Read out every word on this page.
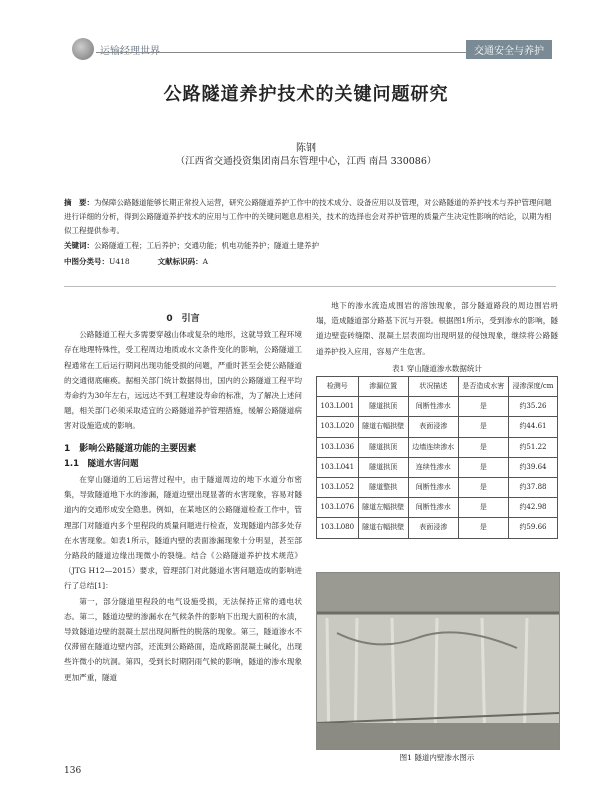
运输经理世界	交通安全与养护
公路隧道养护技术的关键问题研究
陈钢
（江西省交通投资集团南昌东管理中心，江西 南昌 330086）
摘　要：为保障公路隧道能够长期正常投入运营，研究公路隧道养护工作中的技术成分、设备应用以及管理，对公路隧道的养护技术与养护管理问题进行详细的分析，得到公路隧道养护技术的应用与工作中的关键问题息息相关，技术的选择也会对养护管理的质量产生决定性影响的结论，以期为相似工程提供参考。
关键词：公路隧道工程；工后养护；交通功能；机电功能养护；隧道土建养护
中图分类号：U418	文献标识码：A
0　引言

公路隧道工程大多需要穿越山体或复杂的地形，这就导致工程环境存在地理特殊性，受工程周边地质或水文条件变化的影响，公路隧道工程通常在工后运行期间出现功能受损的问题，严重时甚至会使公路隧道的交通彻底瘫痪。据相关部门统计数据得出，国内的公路隧道工程平均寿命约为30年左右，远远达不到工程建设寿命的标准，为了解决上述问题，相关部门必须采取适宜的公路隧道养护管理措施，缓解公路隧道病害对设施造成的影响。

1　影响公路隧道功能的主要因素
1.1　隧道水害问题

在穿山隧道的工后运营过程中，由于隧道周边的地下水道分布密集，导致隧道地下水的渗漏，隧道边壁出现显著的水害现象，容易对隧道内的交通形成安全隐患。例如，在某地区的公路隧道检查工作中，管理部门对隧道内多个里程段的质量问题进行检查，发现隧道内部多处存在水害现象。如表1所示，隧道内壁的表面渗漏现象十分明显，甚至部分路段的隧道边缘出现微小的裂缝。结合《公路隧道养护技术规范》（JTG H12—2015）要求，管理部门对此隧道水害问题造成的影响进行了总结[1]：

第一，部分隧道里程段的电气设施受损，无法保持正常的通电状态。第二，隧道边壁的渗漏水在气候条件的影响下出现大面积的水渍，导致隧道边壁的混凝土层出现间断性的脱落的现象。第三，隧道渗水不仅滞留在隧道边壁内部，还流到公路路面，造成路面混凝土碱化，出现些许微小的坑洞。第四，受到长时期阴雨气候的影响，隧道的渗水现象更加严重，隧道

地下的渗水流造成围岩的溶蚀现象，部分隧道路段的周边围岩坍塌，造成隧道部分路基下沉与开裂。根据图1所示，受到渗水的影响，隧道边壁瓷砖缝隙、混凝土层表面均出现明显的侵蚀现象，继续将公路隧道养护投入应用，容易产生危害。

表1 穿山隧道渗水数据统计
检测号	渗漏位置	状况描述	是否造成水害	浸渗深度/cm
103.L001	隧道拱顶	间断性渗水	是	约35.26
103.L020	隧道右幅拱壁	表面浸渗	是	约44.61
103.L036	隧道拱顶	边墙连续渗水	是	约51.22
103.L041	隧道拱顶	连续性渗水	是	约39.64
103.L052	隧道整拱	间断性渗水	是	约37.88
103.L076	隧道左幅拱壁	间断性渗水	是	约42.98
103.L080	隧道右幅拱壁	表面浸渗	是	约59.66
图1 隧道内壁渗水图示
136
